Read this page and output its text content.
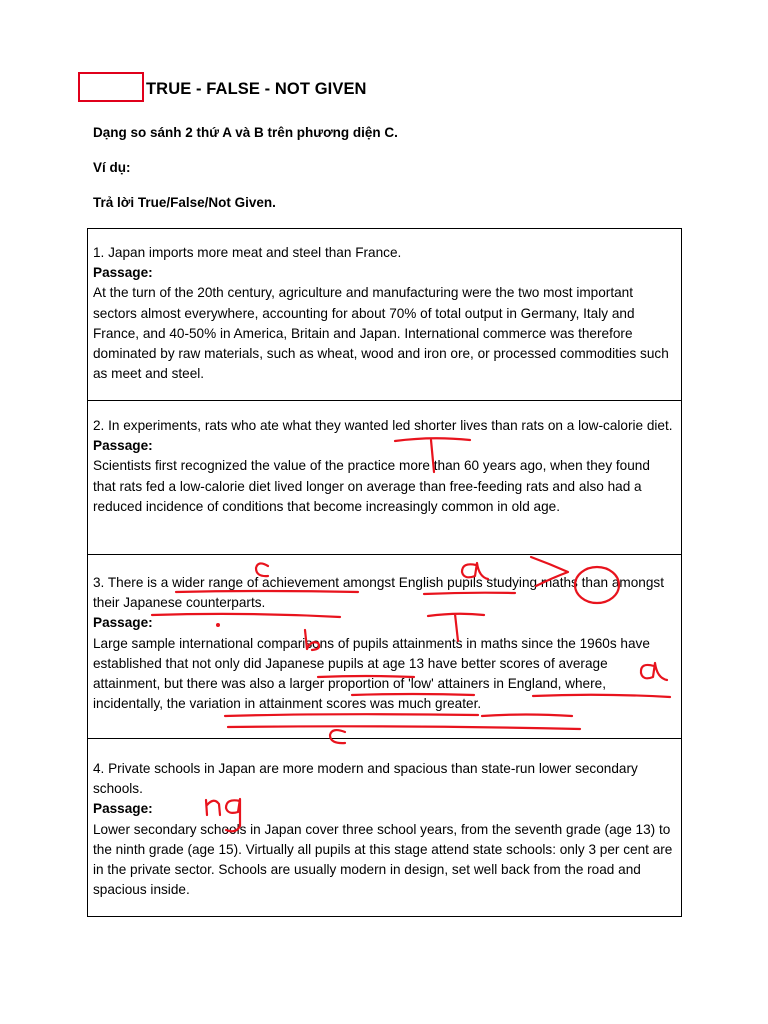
TRUE - FALSE - NOT GIVEN
Dạng so sánh 2 thứ A và B trên phương diện C.
Ví dụ:
Trả lời True/False/Not Given.

1. Japan imports more meat and steel than France.

Passage:

At the turn of the 20th century, agriculture and manufacturing were the two most important sectors almost everywhere, accounting for about 70% of total output in Germany, Italy and France, and 40-50% in America, Britain and Japan. International commerce was therefore dominated by raw materials, such as wheat, wood and iron ore, or processed commodities such as meet and steel.

2. In experiments, rats who ate what they wanted led shorter lives than rats on a low-calorie diet.

Passage:

Scientists first recognized the value of the practice more than 60 years ago, when they found that rats fed a low-calorie diet lived longer on average than free-feeding rats and also had a reduced incidence of conditions that become increasingly common in old age.

3. There is a wider range of achievement amongst English pupils studying maths than amongst their Japanese counterparts.

Passage:

Large sample international comparisons of pupils attainments in maths since the 1960s have established that not only did Japanese pupils at age 13 have better scores of average attainment, but there was also a larger proportion of 'low' attainers in England, where, incidentally, the variation in attainment scores was much greater.

4. Private schools in Japan are more modern and spacious than state-run lower secondary schools.

Passage:

Lower secondary schools in Japan cover three school years, from the seventh grade (age 13) to the ninth grade (age 15). Virtually all pupils at this stage attend state schools: only 3 per cent are in the private sector. Schools are usually modern in design, set well back from the road and spacious inside.
